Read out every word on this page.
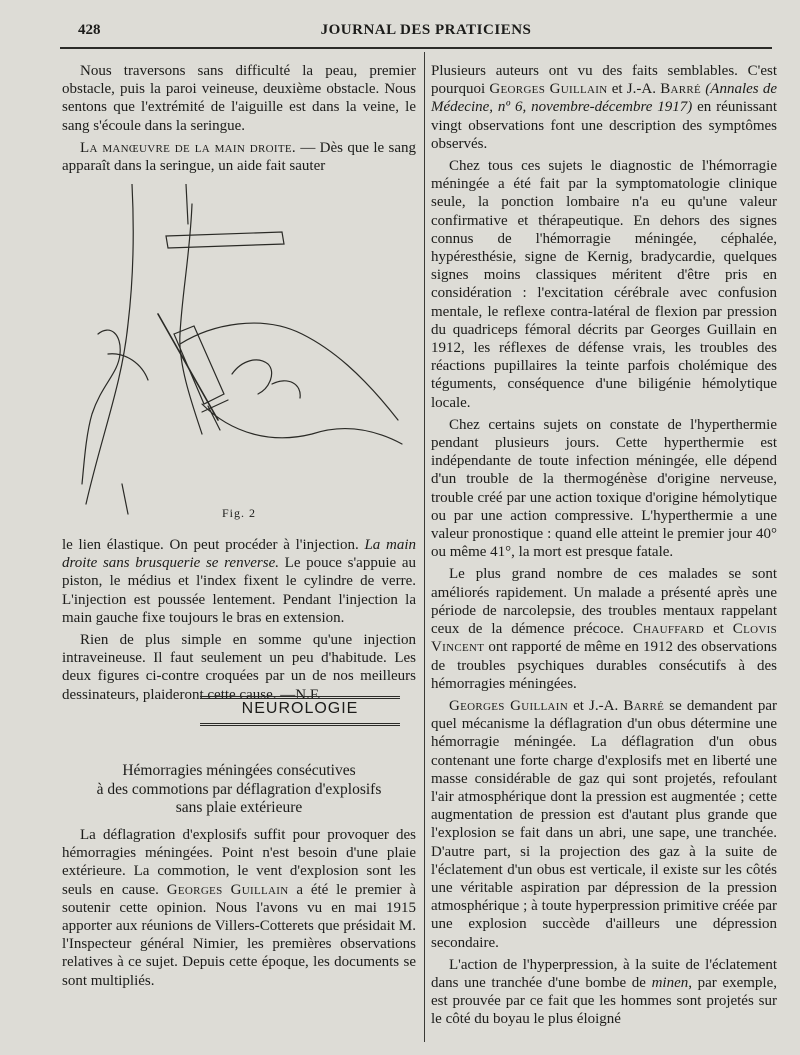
428	JOURNAL DES PRATICIENS

Nous traversons sans difficulté la peau, premier obstacle, puis la paroi veineuse, deuxième obstacle. Nous sentons que l'extrémité de l'aiguille est dans la veine, le sang s'écoule dans la seringue.

La manœuvre de la main droite. — Dès que le sang apparaît dans la seringue, un aide fait sauter

Fig. 2

le lien élastique. On peut procéder à l'injection. La main droite sans brusquerie se renverse. Le pouce s'appuie au piston, le médius et l'index fixent le cylindre de verre. L'injection est poussée lentement. Pendant l'injection la main gauche fixe toujours le bras en extension.

Rien de plus simple en somme qu'une injection intraveineuse. Il faut seulement un peu d'habitude. Les deux figures ci-contre croquées par un de nos meilleurs dessinateurs, plaideront cette cause. —N.F.

NEUROLOGIE
Hémorragies méningées consécutives
à des commotions par déflagration d'explosifs
sans plaie extérieure

La déflagration d'explosifs suffit pour provoquer des hémorragies méningées. Point n'est besoin d'une plaie extérieure. La commotion, le vent d'explosion sont les seuls en cause. Georges Guillain a été le premier à soutenir cette opinion. Nous l'avons vu en mai 1915 apporter aux réunions de Villers-Cotterets que présidait M. l'Inspecteur général Nimier, les premières observations relatives à ce sujet. Depuis cette époque, les documents se sont multipliés.

Plusieurs auteurs ont vu des faits semblables. C'est pourquoi Georges Guillain et J.-A. Barré (Annales de Médecine, nº 6, novembre-décembre 1917) en réunissant vingt observations font une description des symptômes observés.

Chez tous ces sujets le diagnostic de l'hémorragie méningée a été fait par la symptomatologie clinique seule, la ponction lombaire n'a eu qu'une valeur confirmative et thérapeutique. En dehors des signes connus de l'hémorragie méningée, céphalée, hypéresthésie, signe de Kernig, bradycardie, quelques signes moins classiques méritent d'être pris en considération : l'excitation cérébrale avec confusion mentale, le reflexe contra-latéral de flexion par pression du quadriceps fémoral décrits par Georges Guillain en 1912, les réflexes de défense vrais, les troubles des réactions pupillaires la teinte parfois cholémique des téguments, conséquence d'une biligénie hémolytique locale.

Chez certains sujets on constate de l'hyperthermie pendant plusieurs jours. Cette hyperthermie est indépendante de toute infection méningée, elle dépend d'un trouble de la thermogénèse d'origine nerveuse, trouble créé par une action toxique d'origine hémolytique ou par une action compressive. L'hyperthermie a une valeur pronostique : quand elle atteint le premier jour 40° ou même 41°, la mort est presque fatale.

Le plus grand nombre de ces malades se sont améliorés rapidement. Un malade a présenté après une période de narcolepsie, des troubles mentaux rappelant ceux de la démence précoce. Chauffard et Clovis Vincent ont rapporté de même en 1912 des observations de troubles psychiques durables consécutifs à des hémorragies méningées.

Georges Guillain et J.-A. Barré se demandent par quel mécanisme la déflagration d'un obus détermine une hémorragie méningée. La déflagration d'un obus contenant une forte charge d'explosifs met en liberté une masse considérable de gaz qui sont projetés, refoulant l'air atmosphérique dont la pression est augmentée ; cette augmentation de pression est d'autant plus grande que l'explosion se fait dans un abri, une sape, une tranchée. D'autre part, si la projection des gaz à la suite de l'éclatement d'un obus est verticale, il existe sur les côtés une véritable aspiration par dépression de la pression atmosphérique ; à toute hyperpression primitive créée par une explosion succède d'ailleurs une dépression secondaire.

L'action de l'hyperpression, à la suite de l'éclatement dans une tranchée d'une bombe de minen, par exemple, est prouvée par ce fait que les hommes sont projetés sur le côté du boyau le plus éloigné
